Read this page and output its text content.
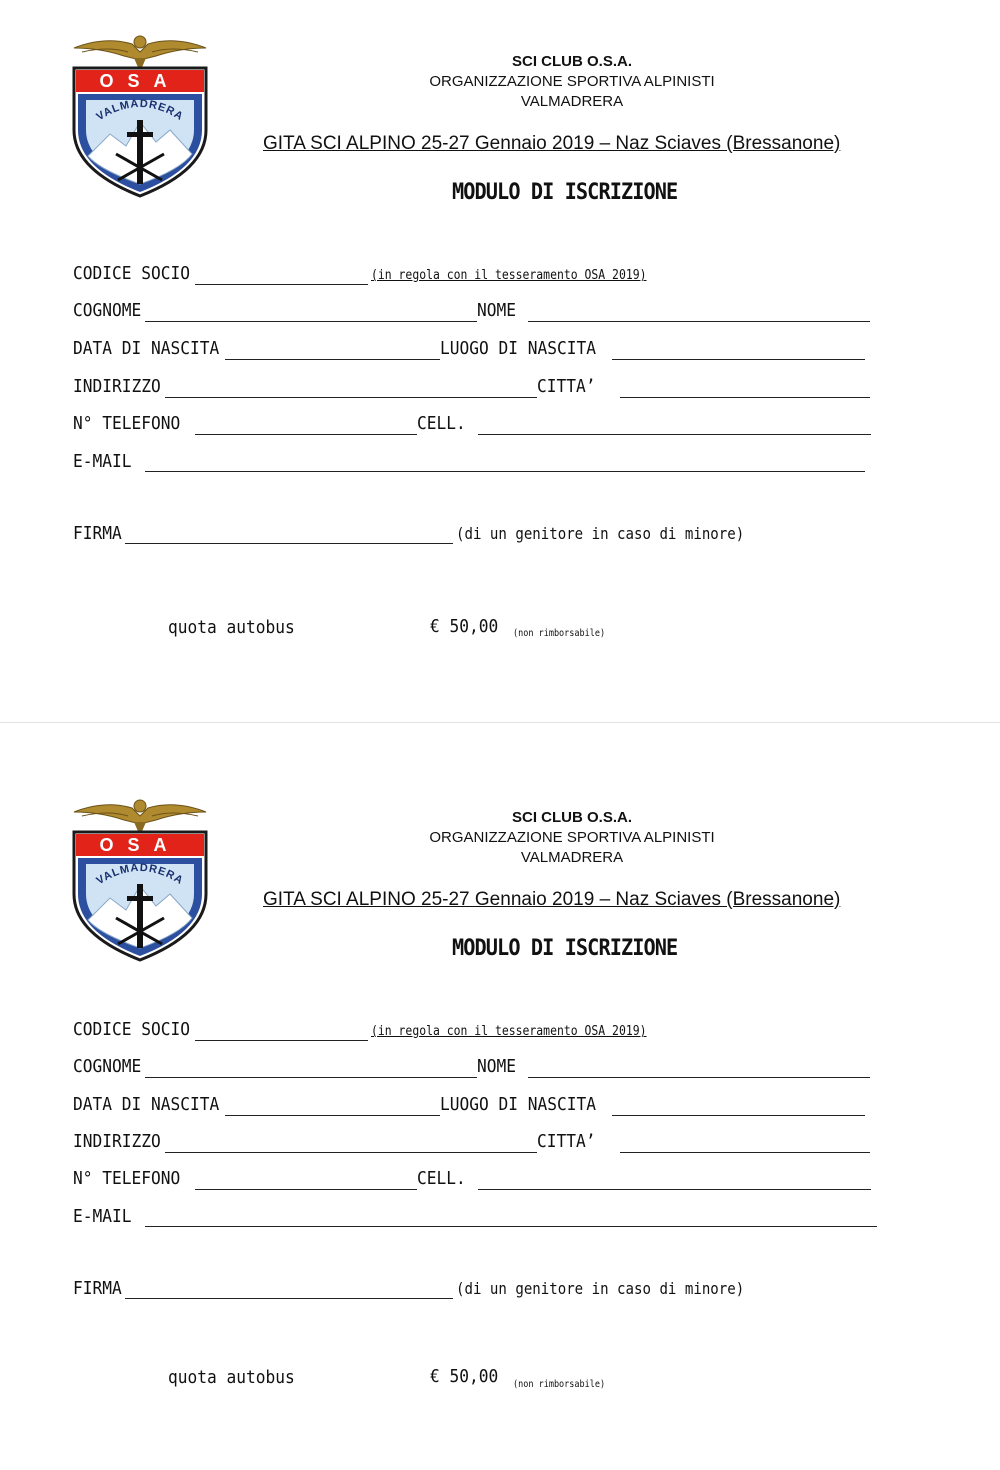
OSA
VALMADRERA
SCI CLUB O.S.A.
ORGANIZZAZIONE SPORTIVA ALPINISTI
VALMADRERA
GITA SCI ALPINO 25-27 Gennaio 2019 – Naz Sciaves (Bressanone)
MODULO DI ISCRIZIONE
CODICE SOCIO	(in regola con il tesseramento OSA 2019)
COGNOME	NOME
DATA DI NASCITA	LUOGO DI NASCITA
INDIRIZZO	CITTA’
N° TELEFONO	CELL.
E-MAIL
FIRMA	(di un genitore in caso di minore)
quota autobus	€ 50,00 (non rimborsabile)
OSA
VALMADRERA
SCI CLUB O.S.A.
ORGANIZZAZIONE SPORTIVA ALPINISTI
VALMADRERA
GITA SCI ALPINO 25-27 Gennaio 2019 – Naz Sciaves (Bressanone)
MODULO DI ISCRIZIONE
CODICE SOCIO	(in regola con il tesseramento OSA 2019)
COGNOME	NOME
DATA DI NASCITA	LUOGO DI NASCITA
INDIRIZZO	CITTA’
N° TELEFONO	CELL.
E-MAIL
FIRMA	(di un genitore in caso di minore)
quota autobus	€ 50,00 (non rimborsabile)
